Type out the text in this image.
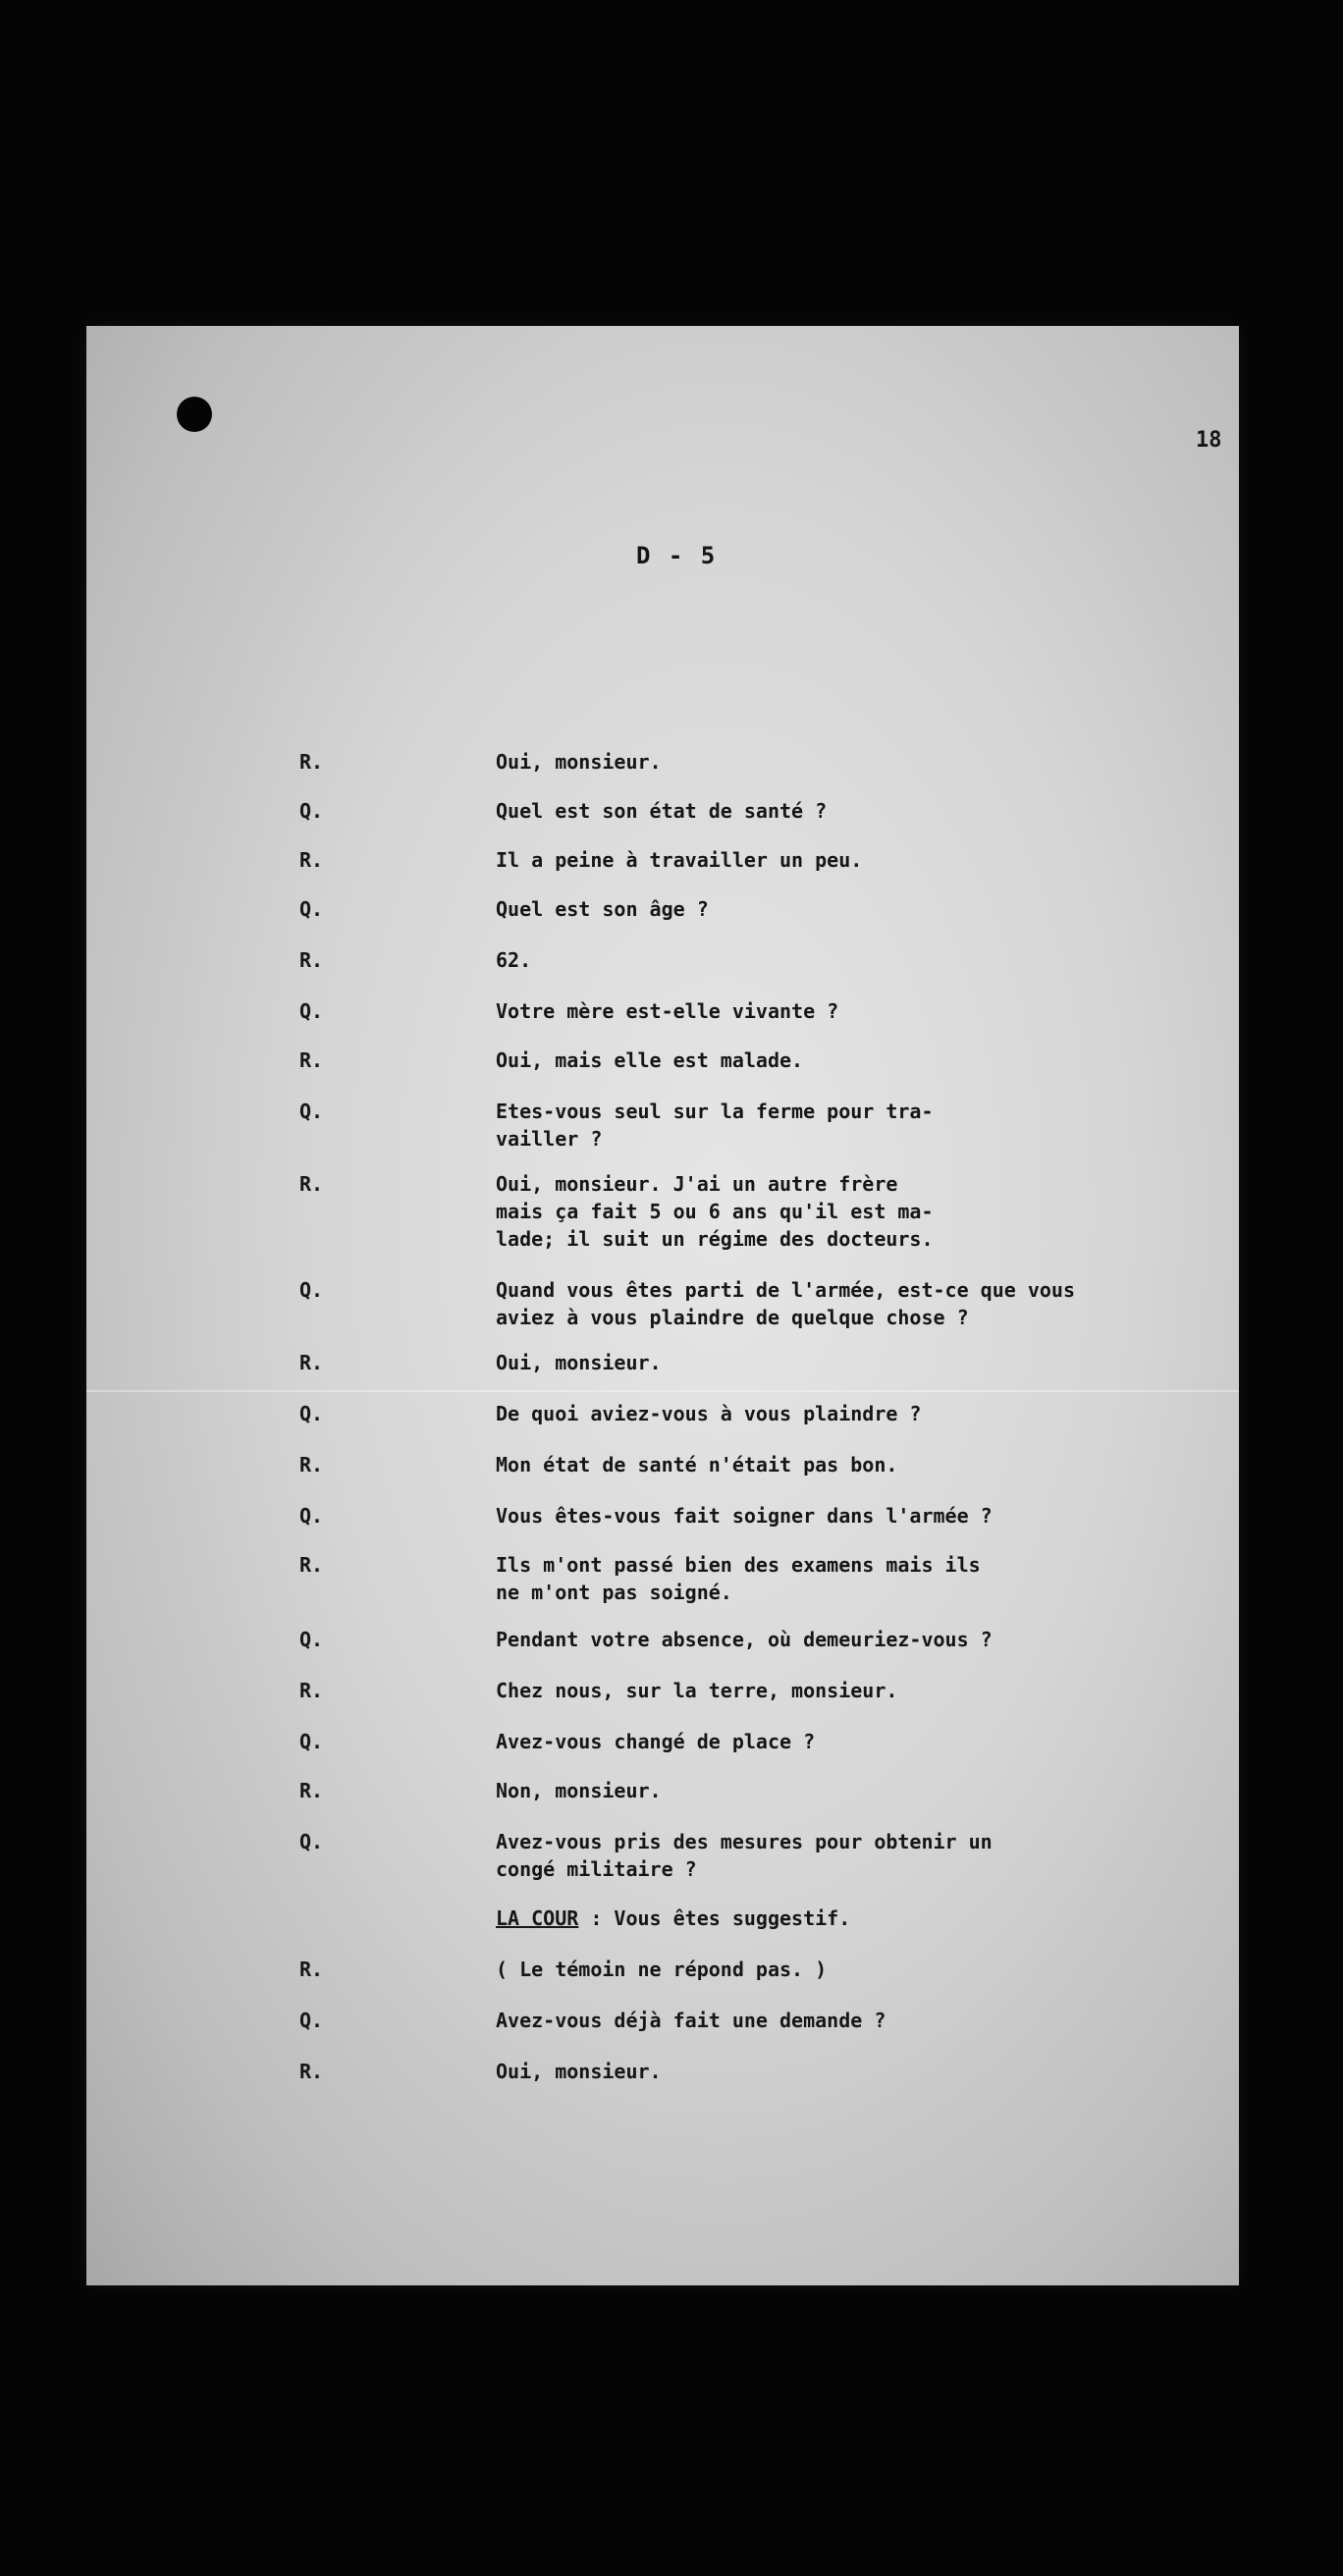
18
D - 5
R.	Oui, monsieur.
Q.	Quel est son état de santé ?
R.	Il a peine à travailler un peu.
Q.	Quel est son âge ?
R.	62.
Q.	Votre mère est-elle vivante ?
R.	Oui, mais elle est malade.
Q.	Etes-vous seul sur la ferme pour tra-
vailler ?
R.	Oui, monsieur. J'ai un autre frère
mais ça fait 5 ou 6 ans qu'il est ma-
lade; il suit un régime des docteurs.
Q.	Quand vous êtes parti de l'armée, est-ce que vous
aviez à vous plaindre de quelque chose ?
R.	Oui, monsieur.
Q.	De quoi aviez-vous à vous plaindre ?
R.	Mon état de santé n'était pas bon.
Q.	Vous êtes-vous fait soigner dans l'armée ?
R.	Ils m'ont passé bien des examens mais ils
ne m'ont pas soigné.
Q.	Pendant votre absence, où demeuriez-vous ?
R.	Chez nous, sur la terre, monsieur.
Q.	Avez-vous changé de place ?
R.	Non, monsieur.
Q.	Avez-vous pris des mesures pour obtenir un
congé militaire ?
LA COUR : Vous êtes suggestif.
R.	( Le témoin ne répond pas. )
Q.	Avez-vous déjà fait une demande ?
R.	Oui, monsieur.
